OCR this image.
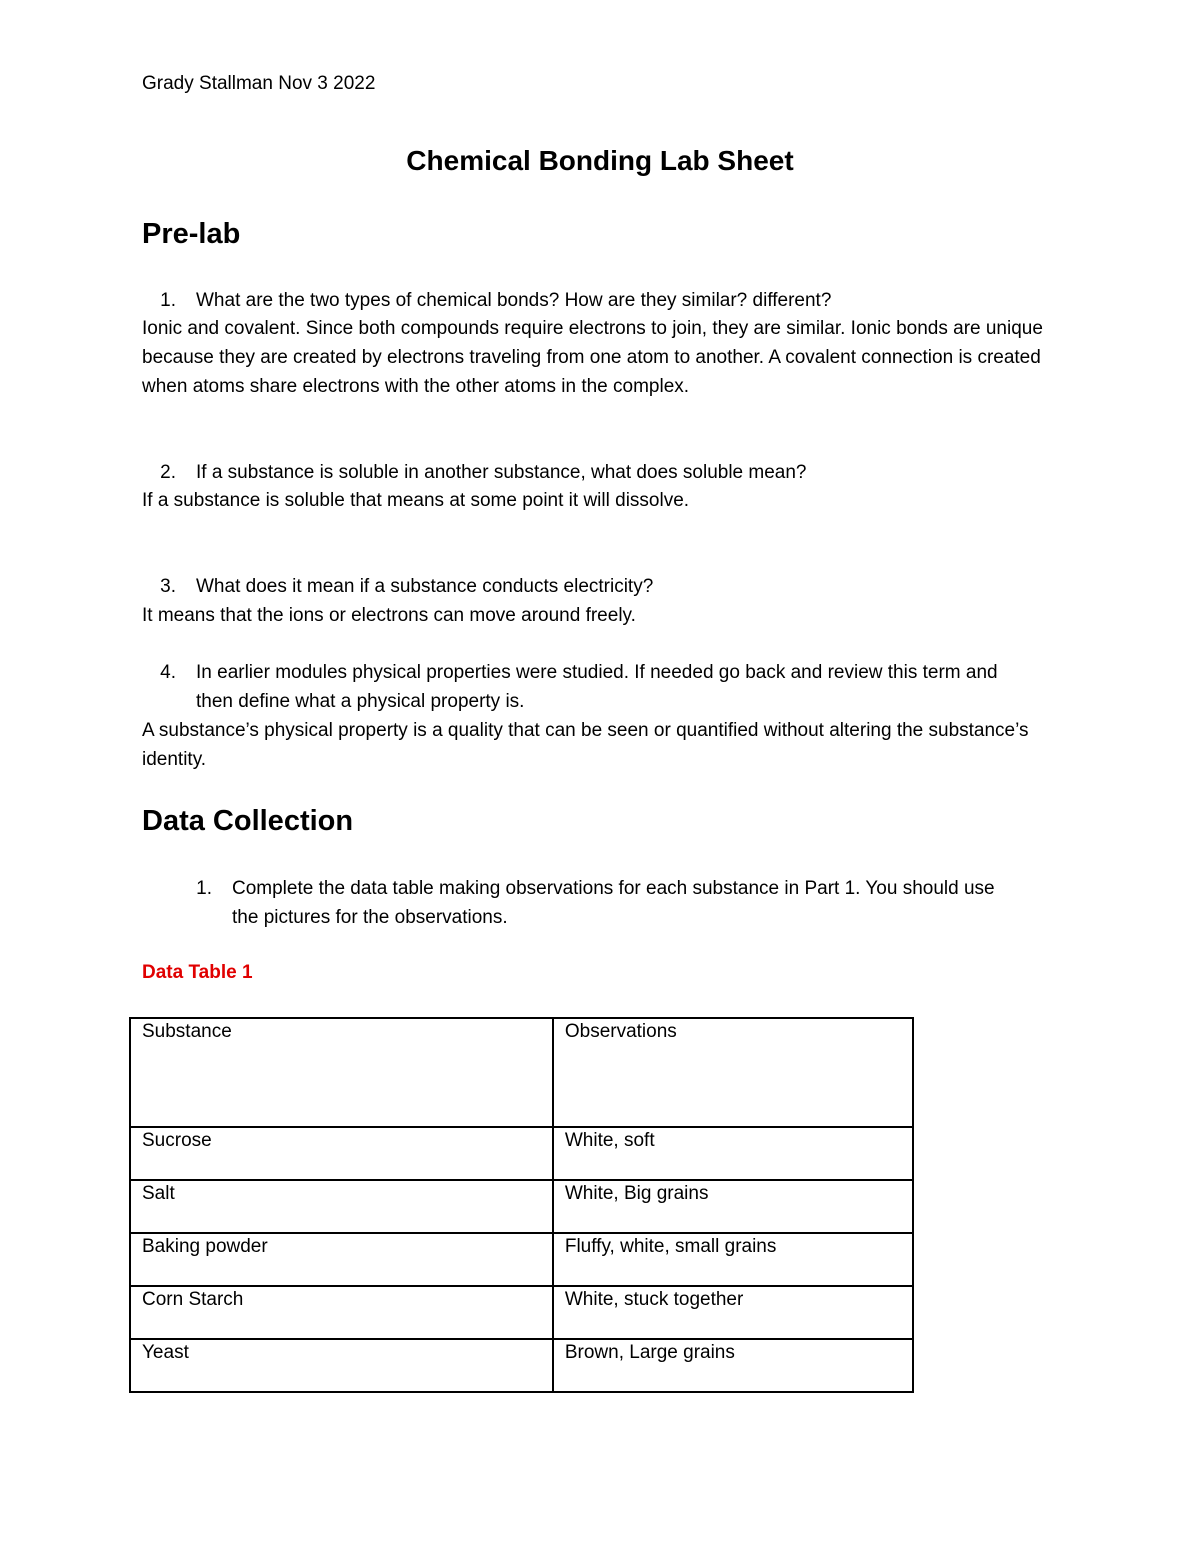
Grady Stallman Nov 3 2022

Chemical Bonding Lab Sheet
Pre-lab
1.	What are the two types of chemical bonds? How are they similar? different?

Ionic and covalent. Since both compounds require electrons to join, they are similar. Ionic bonds are unique because they are created by electrons traveling from one atom to another. A covalent connection is created when atoms share electrons with the other atoms in the complex.

2.	If a substance is soluble in another substance, what does soluble mean?

If a substance is soluble that means at some point it will dissolve.

3.	What does it mean if a substance conducts electricity?

It means that the ions or electrons can move around freely.

4.	In earlier modules physical properties were studied. If needed go back and review this term and then define what a physical property is.

A substance’s physical property is a quality that can be seen or quantified without altering the substance’s identity.

Data Collection
1.	Complete the data table making observations for each substance in Part 1. You should use the pictures for the observations.

Data Table 1

Substance	Observations
Sucrose	White, soft
Salt	White, Big grains
Baking powder	Fluffy, white, small grains
Corn Starch	White, stuck together
Yeast	Brown, Large grains
